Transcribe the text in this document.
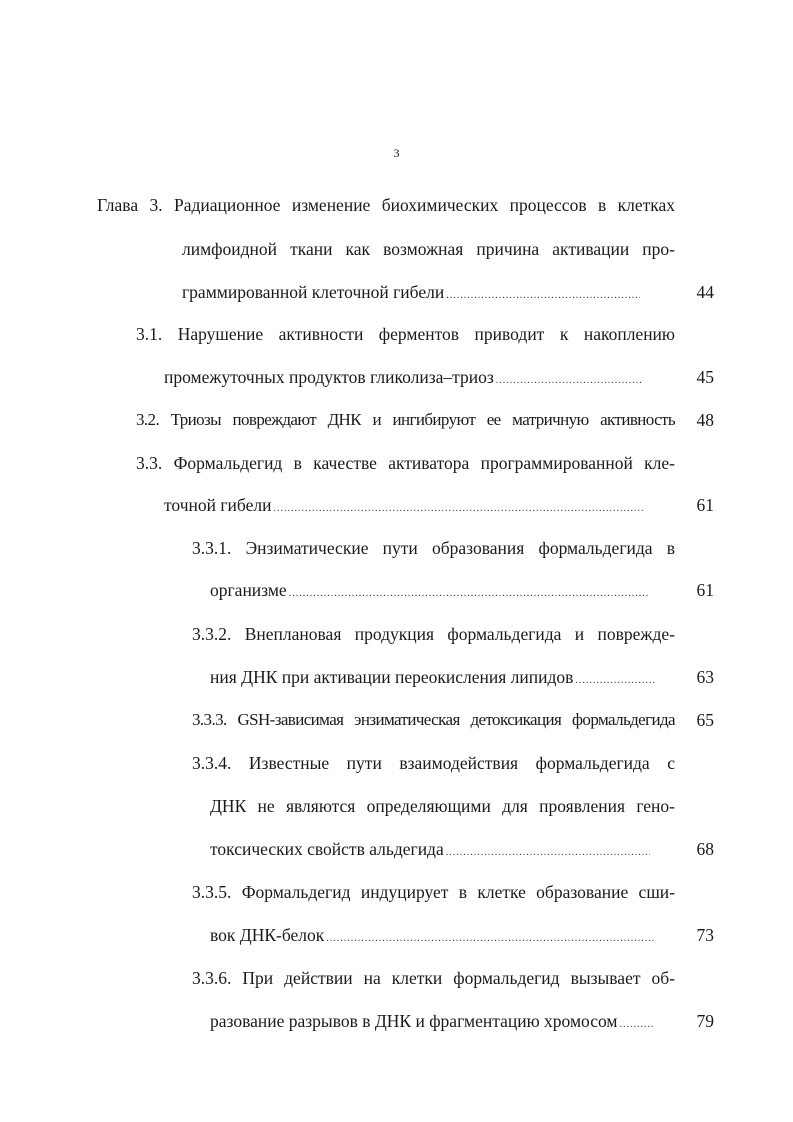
3
Глава 3. Радиационное изменение биохимических процессов в клетках
лимфоидной ткани как возможная причина активации про-
граммированной клеточной гибели .....	44
3.1. Нарушение активности ферментов приводит к накоплению
промежуточных продуктов гликолиза–триоз .....	45
3.2. Триозы повреждают ДНК и ингибируют ее матричную активность	48
3.3. Формальдегид в качестве активатора программированной кле-
точной гибели .....	61
3.3.1. Энзиматические пути образования формальдегида в
организме .....	61
3.3.2. Внеплановая продукция формальдегида и поврежде-
ния ДНК при активации переокисления липидов .....	63
3.3.3. GSH-зависимая энзиматическая детоксикация формальдегида	65
3.3.4. Известные пути взаимодействия формальдегида с
ДНК не являются определяющими для проявления гено-
токсических свойств альдегида .....	68
3.3.5. Формальдегид индуцирует в клетке образование сши-
вок ДНК-белок .....	73
3.3.6. При действии на клетки формальдегид вызывает об-
разование разрывов в ДНК и фрагментацию хромосом .....	79
